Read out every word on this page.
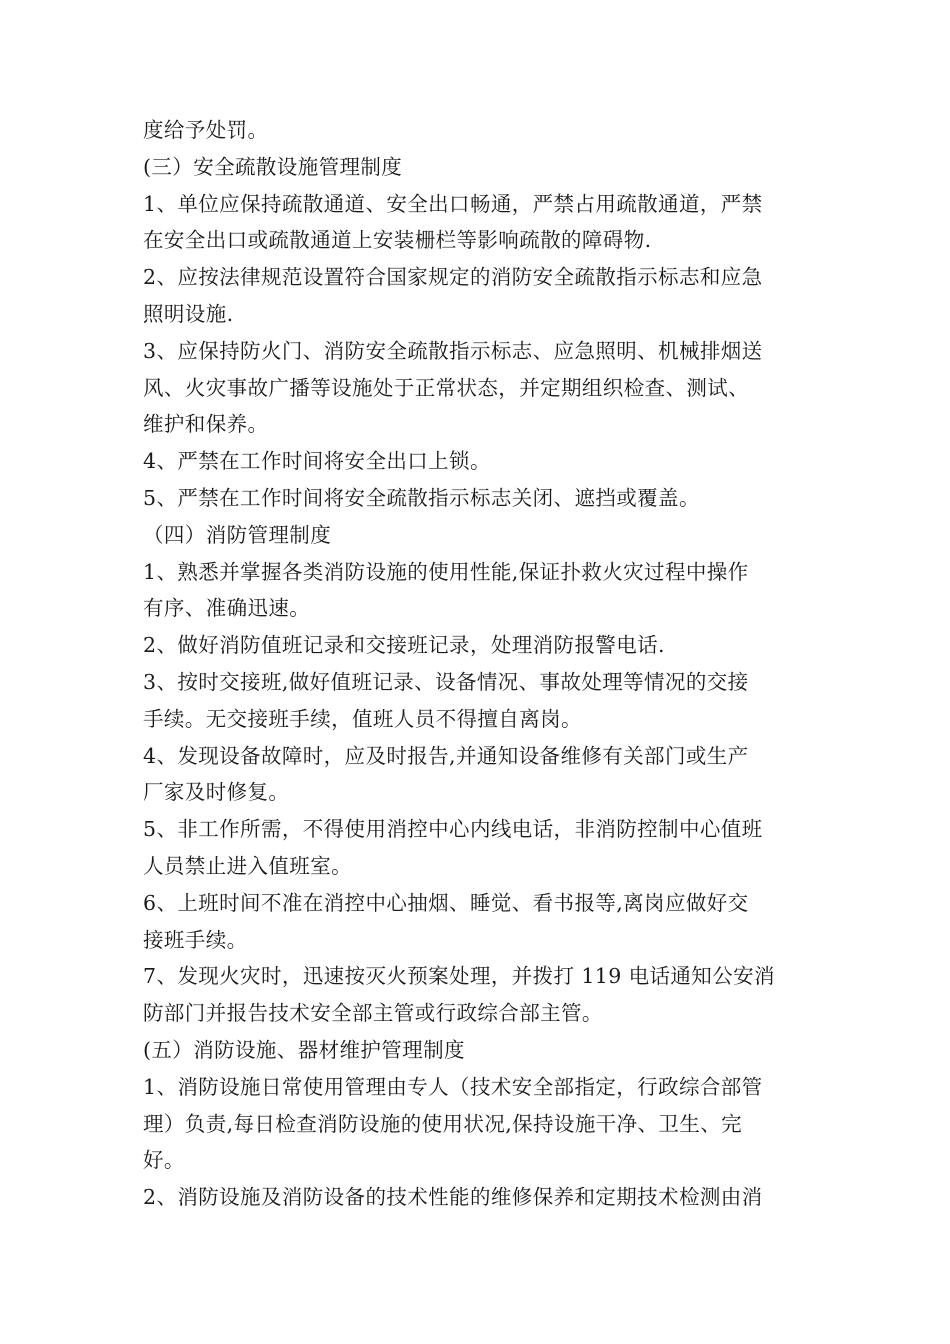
度给予处罚。
(三）安全疏散设施管理制度
1、单位应保持疏散通道、安全出口畅通，严禁占用疏散通道，严禁
在安全出口或疏散通道上安装栅栏等影响疏散的障碍物.
2、应按法律规范设置符合国家规定的消防安全疏散指示标志和应急
照明设施.
3、应保持防火门、消防安全疏散指示标志、应急照明、机械排烟送
风、火灾事故广播等设施处于正常状态，并定期组织检查、测试、
维护和保养。
4、严禁在工作时间将安全出口上锁。
5、严禁在工作时间将安全疏散指示标志关闭、遮挡或覆盖。
（四）消防管理制度
1、熟悉并掌握各类消防设施的使用性能,保证扑救火灾过程中操作
有序、准确迅速。
2、做好消防值班记录和交接班记录，处理消防报警电话.
3、按时交接班,做好值班记录、设备情况、事故处理等情况的交接
手续。无交接班手续，值班人员不得擅自离岗。
4、发现设备故障时，应及时报告,并通知设备维修有关部门或生产
厂家及时修复。
5、非工作所需，不得使用消控中心内线电话，非消防控制中心值班
人员禁止进入值班室。
6、上班时间不准在消控中心抽烟、睡觉、看书报等,离岗应做好交
接班手续。
7、发现火灾时，迅速按灭火预案处理，并拨打 119 电话通知公安消
防部门并报告技术安全部主管或行政综合部主管。
(五）消防设施、器材维护管理制度
1、消防设施日常使用管理由专人（技术安全部指定，行政综合部管
理）负责,每日检查消防设施的使用状况,保持设施干净、卫生、完
好。
2、消防设施及消防设备的技术性能的维修保养和定期技术检测由消
